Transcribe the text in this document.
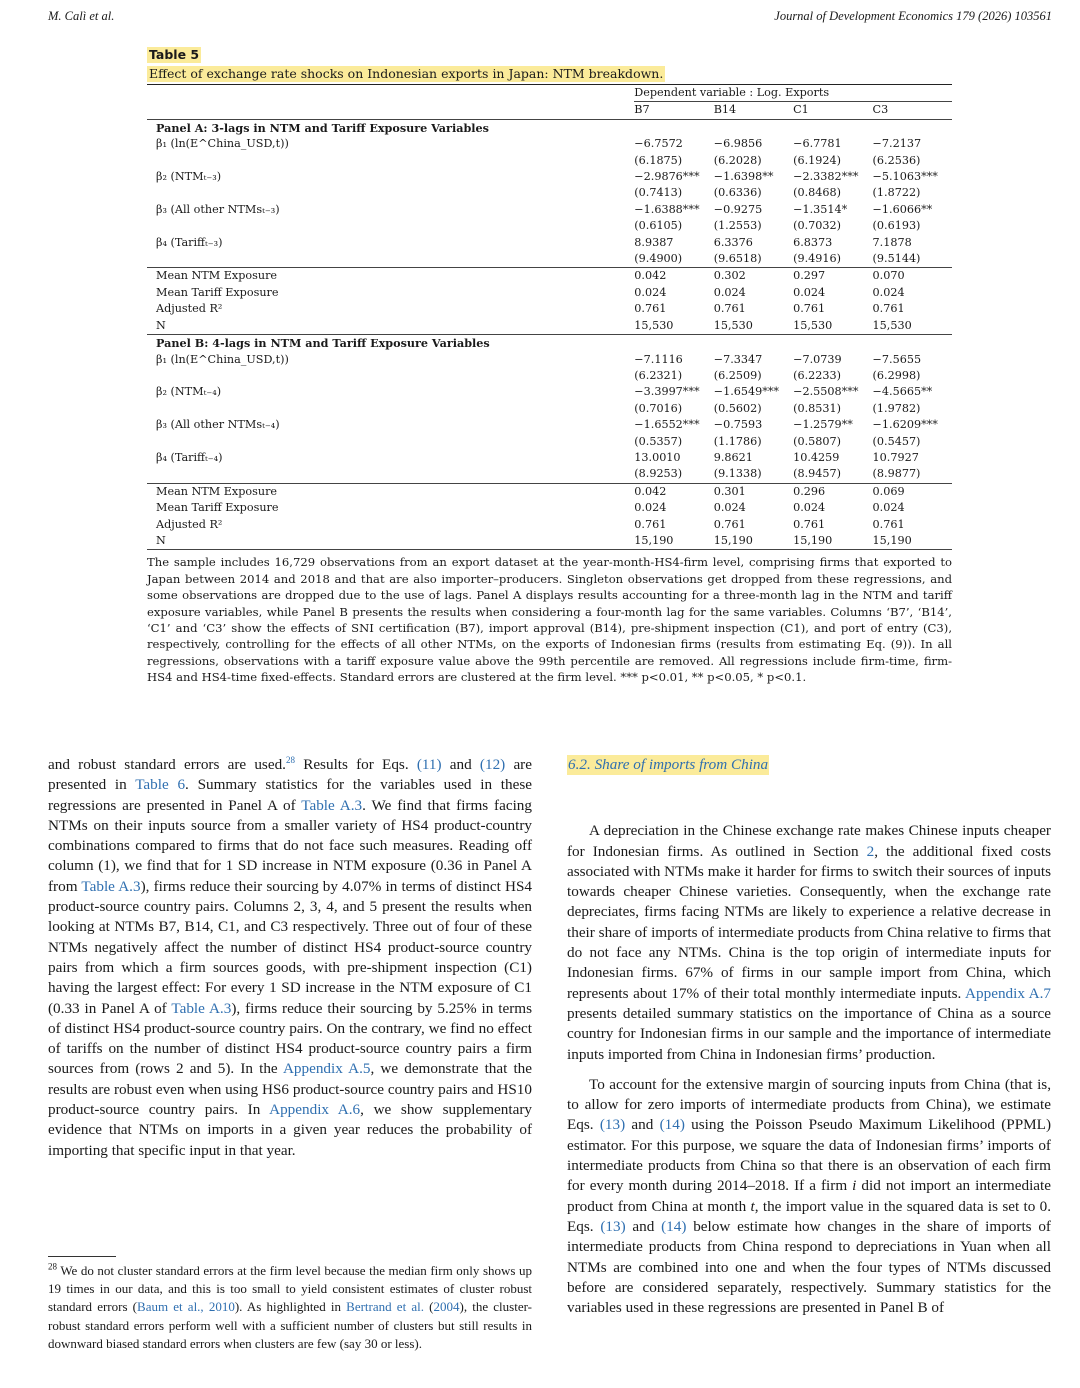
M. Calì et al.	Journal of Development Economics 179 (2026) 103561
Table 5
Effect of exchange rate shocks on Indonesian exports in Japan: NTM breakdown.
	Dependent variable : Log. Exports			
	B7	B14	C1	C3
Panel A: 3-lags in NTM and Tariff Exposure Variables				
β₁ (ln(E^China_USD,t))	−6.7572	−6.9856	−6.7781	−7.2137
	(6.1875)	(6.2028)	(6.1924)	(6.2536)
β₂ (NTMₜ₋₃)	−2.9876***	−1.6398**	−2.3382***	−5.1063***
	(0.7413)	(0.6336)	(0.8468)	(1.8722)
β₃ (All other NTMsₜ₋₃)	−1.6388***	−0.9275	−1.3514*	−1.6066**
	(0.6105)	(1.2553)	(0.7032)	(0.6193)
β₄ (Tariffₜ₋₃)	8.9387	6.3376	6.8373	7.1878
	(9.4900)	(9.6518)	(9.4916)	(9.5144)
Mean NTM Exposure	0.042	0.302	0.297	0.070
Mean Tariff Exposure	0.024	0.024	0.024	0.024
Adjusted R²	0.761	0.761	0.761	0.761
N	15,530	15,530	15,530	15,530
Panel B: 4-lags in NTM and Tariff Exposure Variables				
β₁ (ln(E^China_USD,t))	−7.1116	−7.3347	−7.0739	−7.5655
	(6.2321)	(6.2509)	(6.2233)	(6.2998)
β₂ (NTMₜ₋₄)	−3.3997***	−1.6549***	−2.5508***	−4.5665**
	(0.7016)	(0.5602)	(0.8531)	(1.9782)
β₃ (All other NTMsₜ₋₄)	−1.6552***	−0.7593	−1.2579**	−1.6209***
	(0.5357)	(1.1786)	(0.5807)	(0.5457)
β₄ (Tariffₜ₋₄)	13.0010	9.8621	10.4259	10.7927
	(8.9253)	(9.1338)	(8.9457)	(8.9877)
Mean NTM Exposure	0.042	0.301	0.296	0.069
Mean Tariff Exposure	0.024	0.024	0.024	0.024
Adjusted R²	0.761	0.761	0.761	0.761
N	15,190	15,190	15,190	15,190
The sample includes 16,729 observations from an export dataset at the year-month-HS4-firm level, comprising firms that exported to Japan between 2014 and 2018 and that are also importer–producers. Singleton observations get dropped from these regressions, and some observations are dropped due to the use of lags. Panel A displays results accounting for a three-month lag in the NTM and tariff exposure variables, while Panel B presents the results when considering a four-month lag for the same variables. Columns ‘B7’, ‘B14’, ‘C1’ and ‘C3’ show the effects of SNI certification (B7), import approval (B14), pre-shipment inspection (C1), and port of entry (C3), respectively, controlling for the effects of all other NTMs, on the exports of Indonesian firms (results from estimating Eq. (9)). In all regressions, observations with a tariff exposure value above the 99th percentile are removed. All regressions include firm-time, firm-HS4 and HS4-time fixed-effects. Standard errors are clustered at the firm level. *** p<0.01, ** p<0.05, * p<0.1.

and robust standard errors are used.$^{28}$ Results for Eqs. (11) and (12) are presented in Table 6. Summary statistics for the variables used in these regressions are presented in Panel A of Table A.3. We find that firms facing NTMs on their inputs source from a smaller variety of HS4 product-country combinations compared to firms that do not face such measures. Reading off column (1), we find that for 1 SD increase in NTM exposure (0.36 in Panel A from Table A.3), firms reduce their sourcing by 4.07% in terms of distinct HS4 product-source country pairs. Columns 2, 3, 4, and 5 present the results when looking at NTMs B7, B14, C1, and C3 respectively. Three out of four of these NTMs negatively affect the number of distinct HS4 product-source country pairs from which a firm sources goods, with pre-shipment inspection (C1) having the largest effect: For every 1 SD increase in the NTM exposure of C1 (0.33 in Panel A of Table A.3), firms reduce their sourcing by 5.25% in terms of distinct HS4 product-source country pairs. On the contrary, we find no effect of tariffs on the number of distinct HS4 product-source country pairs a firm sources from (rows 2 and 5). In the Appendix A.5, we demonstrate that the results are robust even when using HS6 product-source country pairs and HS10 product-source country pairs. In Appendix A.6, we show supplementary evidence that NTMs on imports in a given year reduces the probability of importing that specific input in that year.

$^{28}$ We do not cluster standard errors at the firm level because the median firm only shows up 19 times in our data, and this is too small to yield consistent estimates of cluster robust standard errors (Baum et al., 2010). As highlighted in Bertrand et al. (2004), the cluster-robust standard errors perform well with a sufficient number of clusters but still results in downward biased standard errors when clusters are few (say 30 or less).
6.2. Share of imports from China

A depreciation in the Chinese exchange rate makes Chinese inputs cheaper for Indonesian firms. As outlined in Section 2, the additional fixed costs associated with NTMs make it harder for firms to switch their sources of inputs towards cheaper Chinese varieties. Consequently, when the exchange rate depreciates, firms facing NTMs are likely to experience a relative decrease in their share of imports of intermediate products from China relative to firms that do not face any NTMs. China is the top origin of intermediate inputs for Indonesian firms. 67% of firms in our sample import from China, which represents about 17% of their total monthly intermediate inputs. Appendix A.7 presents detailed summary statistics on the importance of China as a source country for Indonesian firms in our sample and the importance of intermediate inputs imported from China in Indonesian firms’ production.

To account for the extensive margin of sourcing inputs from China (that is, to allow for zero imports of intermediate products from China), we estimate Eqs. (13) and (14) using the Poisson Pseudo Maximum Likelihood (PPML) estimator. For this purpose, we square the data of Indonesian firms’ imports of intermediate products from China so that there is an observation of each firm for every month during 2014–2018. If a firm i did not import an intermediate product from China at month t, the import value in the squared data is set to 0. Eqs. (13) and (14) below estimate how changes in the share of imports of intermediate products from China respond to depreciations in Yuan when all NTMs are combined into one and when the four types of NTMs discussed before are considered separately, respectively. Summary statistics for the variables used in these regressions are presented in Panel B of
